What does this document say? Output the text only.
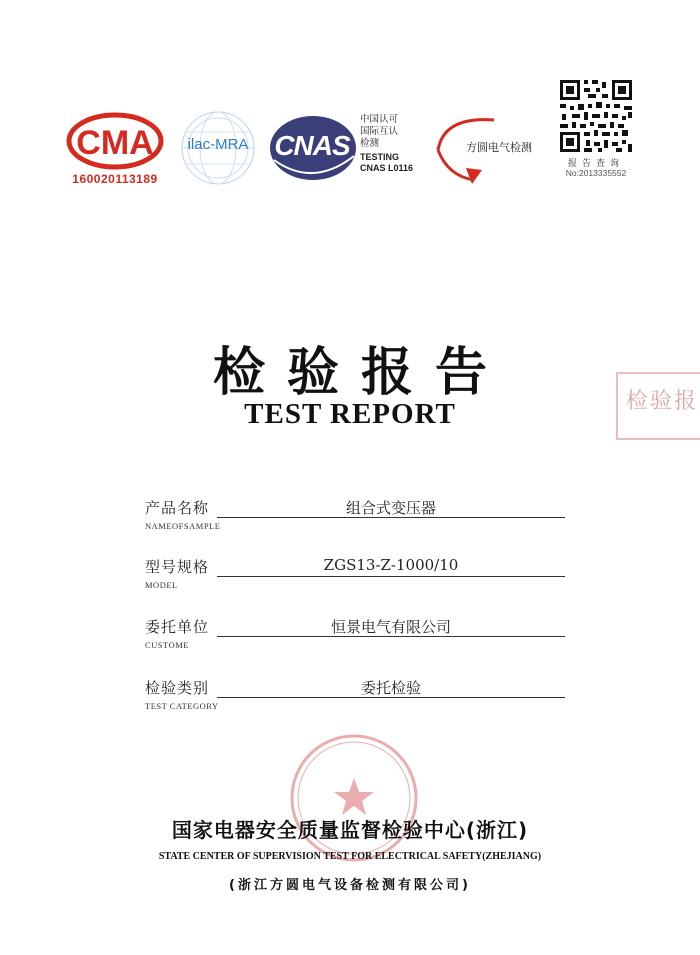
CMA
160020113189
ilac-MRA CNAS
中国认可
国际互认
检测
TESTING
CNAS L0116
方圆电气检测
报告查询
No:2013335552
检验报告
TEST REPORT	检验报
产品名称	组合式变压器
NAMEOFSAMPLE
型号规格	ZGS13-Z-1000/10
MODEL
委托单位	恒景电气有限公司
CUSTOME
检验类别	委托检验
TEST CATEGORY
国家电器安全质量监督检验中心(浙江)
STATE CENTER OF SUPERVISION TEST FOR ELECTRICAL SAFETY(ZHEJIANG)
(浙江方圆电气设备检测有限公司)
